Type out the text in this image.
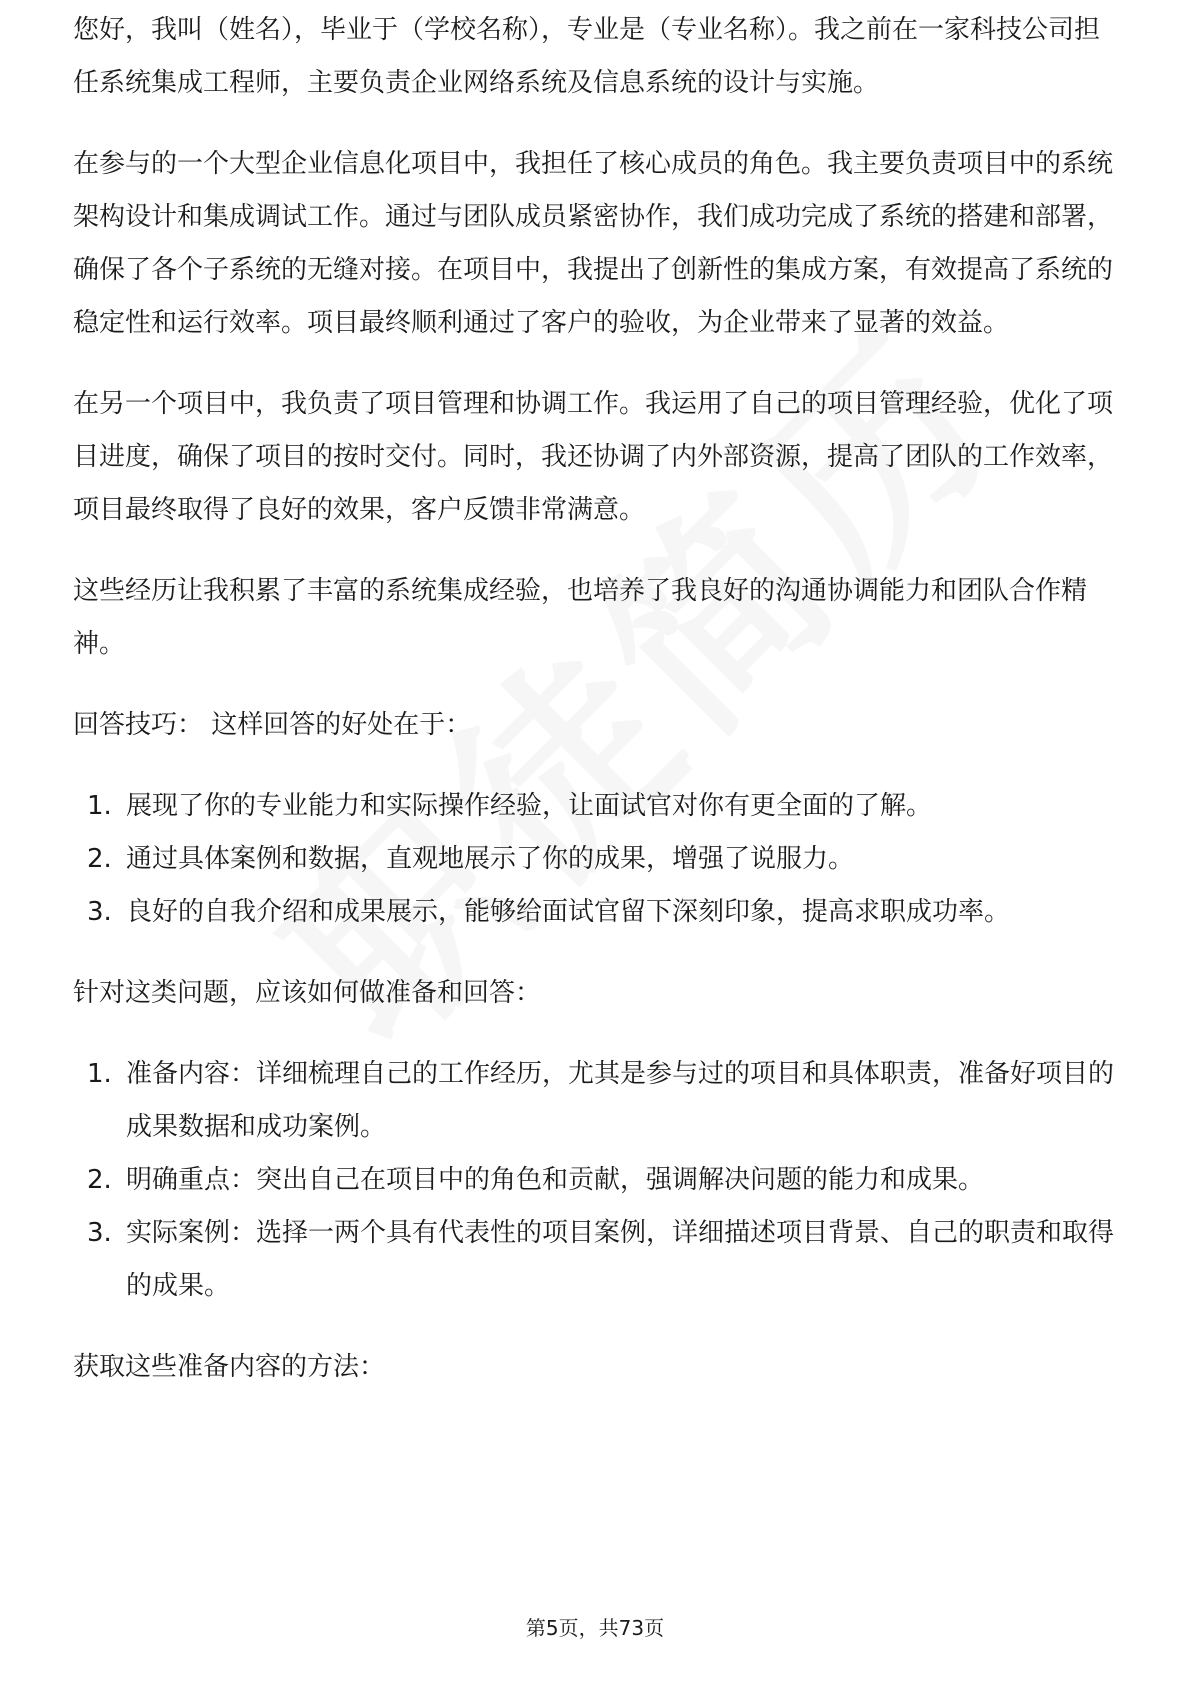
您好，我叫（姓名），毕业于（学校名称），专业是（专业名称）。我之前在一家科技公司担任系统集成工程师，主要负责企业网络系统及信息系统的设计与实施。

在参与的一个大型企业信息化项目中，我担任了核心成员的角色。我主要负责项目中的系统架构设计和集成调试工作。通过与团队成员紧密协作，我们成功完成了系统的搭建和部署，确保了各个子系统的无缝对接。在项目中，我提出了创新性的集成方案，有效提高了系统的稳定性和运行效率。项目最终顺利通过了客户的验收，为企业带来了显著的效益。

在另一个项目中，我负责了项目管理和协调工作。我运用了自己的项目管理经验，优化了项目进度，确保了项目的按时交付。同时，我还协调了内外部资源，提高了团队的工作效率，项目最终取得了良好的效果，客户反馈非常满意。

这些经历让我积累了丰富的系统集成经验，也培养了我良好的沟通协调能力和团队合作精神。

回答技巧： 这样回答的好处在于：

1. 展现了你的专业能力和实际操作经验，让面试官对你有更全面的了解。
2. 通过具体案例和数据，直观地展示了你的成果，增强了说服力。
3. 良好的自我介绍和成果展示，能够给面试官留下深刻印象，提高求职成功率。

针对这类问题，应该如何做准备和回答：

1. 准备内容：详细梳理自己的工作经历，尤其是参与过的项目和具体职责，准备好项目的成果数据和成功案例。
2. 明确重点：突出自己在项目中的角色和贡献，强调解决问题的能力和成果。
3. 实际案例：选择一两个具有代表性的项目案例，详细描述项目背景、自己的职责和取得的成果。

获取这些准备内容的方法：

第5页，共73页
